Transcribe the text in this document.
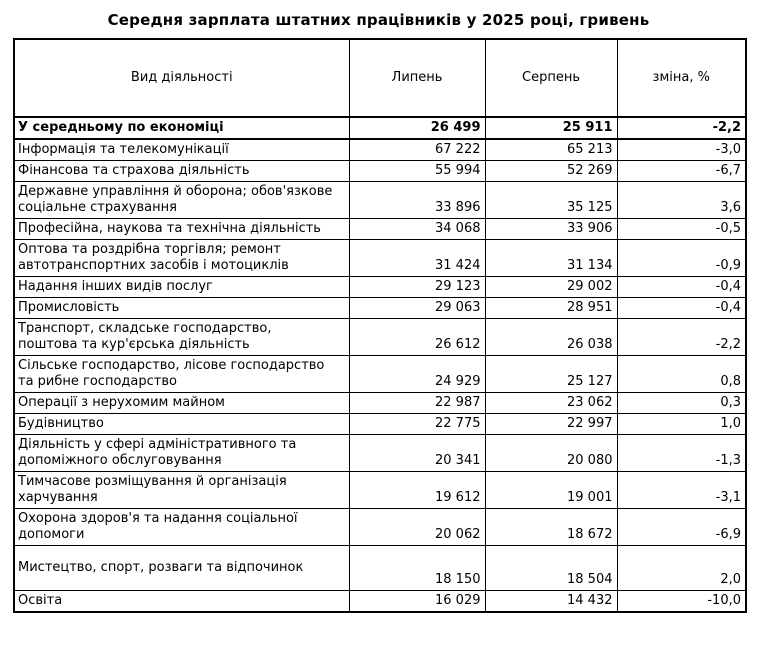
Середня зарплата штатних працівників у 2025 році, гривень
Вид діяльності	Липень	Серпень	зміна, %
У середньому по економіці	26 499	25 911	-2,2
Інформація та телекомунікації	67 222	65 213	-3,0
Фінансова та страхова діяльність	55 994	52 269	-6,7
Державне управління й оборона; обов'язкове соціальне страхування	33 896	35 125	3,6
Професійна, наукова та технічна діяльність	34 068	33 906	-0,5
Оптова та роздрібна торгівля; ремонт автотранспортних засобів і мотоциклів	31 424	31 134	-0,9
Надання інших видів послуг	29 123	29 002	-0,4
Промисловість	29 063	28 951	-0,4
Транспорт, складське господарство, поштова та кур'єрська діяльність	26 612	26 038	-2,2
Сільське господарство, лісове господарство та рибне господарство	24 929	25 127	0,8
Операції з нерухомим майном	22 987	23 062	0,3
Будівництво	22 775	22 997	1,0
Діяльність у сфері адміністративного та допоміжного обслуговування	20 341	20 080	-1,3
Тимчасове розміщування й організація харчування	19 612	19 001	-3,1
Охорона здоров'я та надання соціальної допомоги	20 062	18 672	-6,9
Мистецтво, спорт, розваги та відпочинок	18 150	18 504	2,0
Освіта	16 029	14 432	-10,0
